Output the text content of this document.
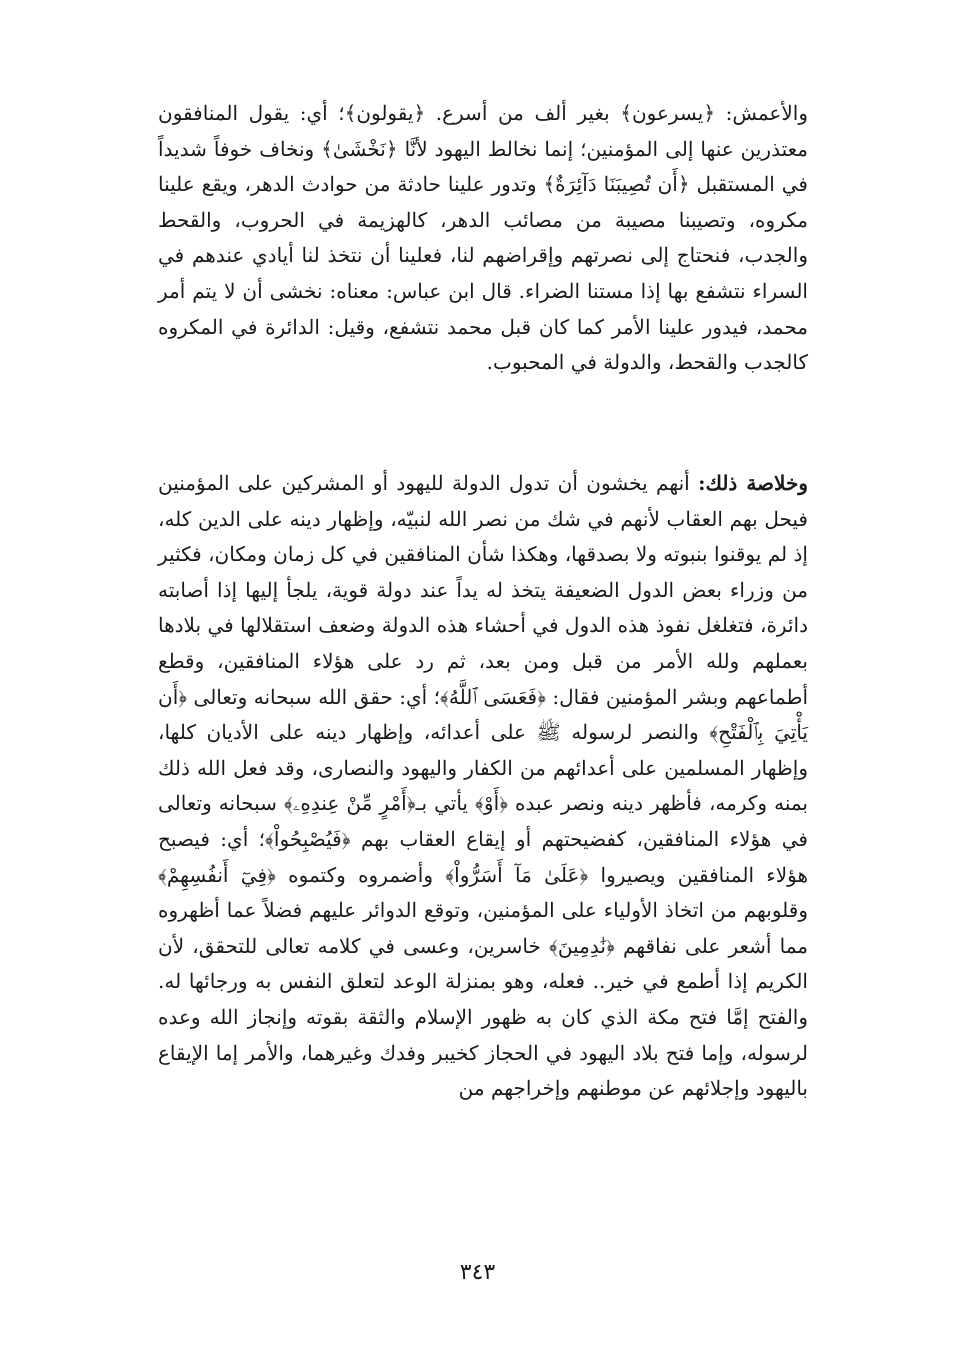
والأعمش: ﴿يسرعون﴾ بغير ألف من أسرع. ﴿يقولون﴾؛ أي: يقول المنافقون معتذرين عنها إلى المؤمنين؛ إنما نخالط اليهود لأنَّا ﴿نَخْشَىٰ﴾ ونخاف خوفاً شديداً في المستقبل ﴿أَن تُصِيبَنَا دَآئِرَةٌ﴾ وتدور علينا حادثة من حوادث الدهر، ويقع علينا مكروه، وتصيبنا مصيبة من مصائب الدهر، كالهزيمة في الحروب، والقحط والجدب، فنحتاج إلى نصرتهم وإقراضهم لنا، فعلينا أن نتخذ لنا أيادي عندهم في السراء نتشفع بها إذا مستنا الضراء. قال ابن عباس: معناه: نخشى أن لا يتم أمر محمد، فيدور علينا الأمر كما كان قبل محمد نتشفع، وقيل: الدائرة في المكروه كالجدب والقحط، والدولة في المحبوب.

وخلاصة ذلك: أنهم يخشون أن تدول الدولة لليهود أو المشركين على المؤمنين فيحل بهم العقاب لأنهم في شك من نصر الله لنبيّه، وإظهار دينه على الدين كله، إذ لم يوقنوا بنبوته ولا بصدقها، وهكذا شأن المنافقين في كل زمان ومكان، فكثير من وزراء بعض الدول الضعيفة يتخذ له يداً عند دولة قوية، يلجأ إليها إذا أصابته دائرة، فتغلغل نفوذ هذه الدول في أحشاء هذه الدولة وضعف استقلالها في بلادها بعملهم ولله الأمر من قبل ومن بعد، ثم رد على هؤلاء المنافقين، وقطع أطماعهم وبشر المؤمنين فقال: ﴿فَعَسَى ٱللَّهُ﴾؛ أي: حقق الله سبحانه وتعالى ﴿أَن يَأْتِيَ بِٱلْفَتْحِ﴾ والنصر لرسوله ﷺ على أعدائه، وإظهار دينه على الأديان كلها، وإظهار المسلمين على أعدائهم من الكفار واليهود والنصارى، وقد فعل الله ذلك بمنه وكرمه، فأظهر دينه ونصر عبده ﴿أَوْ﴾ يأتي بـ﴿أَمْرٍ مِّنْ عِندِهِۦ﴾ سبحانه وتعالى في هؤلاء المنافقين، كفضيحتهم أو إيقاع العقاب بهم ﴿فَيُصْبِحُواْ﴾؛ أي: فيصبح هؤلاء المنافقين ويصيروا ﴿عَلَىٰ مَآ أَسَرُّواْ﴾ وأضمروه وكتموه ﴿فِيٓ أَنفُسِهِمْ﴾ وقلوبهم من اتخاذ الأولياء على المؤمنين، وتوقع الدوائر عليهم فضلاً عما أظهروه مما أشعر على نفاقهم ﴿نَٰدِمِينَ﴾ خاسرين، وعسى في كلامه تعالى للتحقق، لأن الكريم إذا أطمع في خير.. فعله، وهو بمنزلة الوعد لتعلق النفس به ورجائها له. والفتح إمَّا فتح مكة الذي كان به ظهور الإسلام والثقة بقوته وإنجاز الله وعده لرسوله، وإما فتح بلاد اليهود في الحجاز كخيبر وفدك وغيرهما، والأمر إما الإيقاع باليهود وإجلائهم عن موطنهم وإخراجهم من

٣٤٣
